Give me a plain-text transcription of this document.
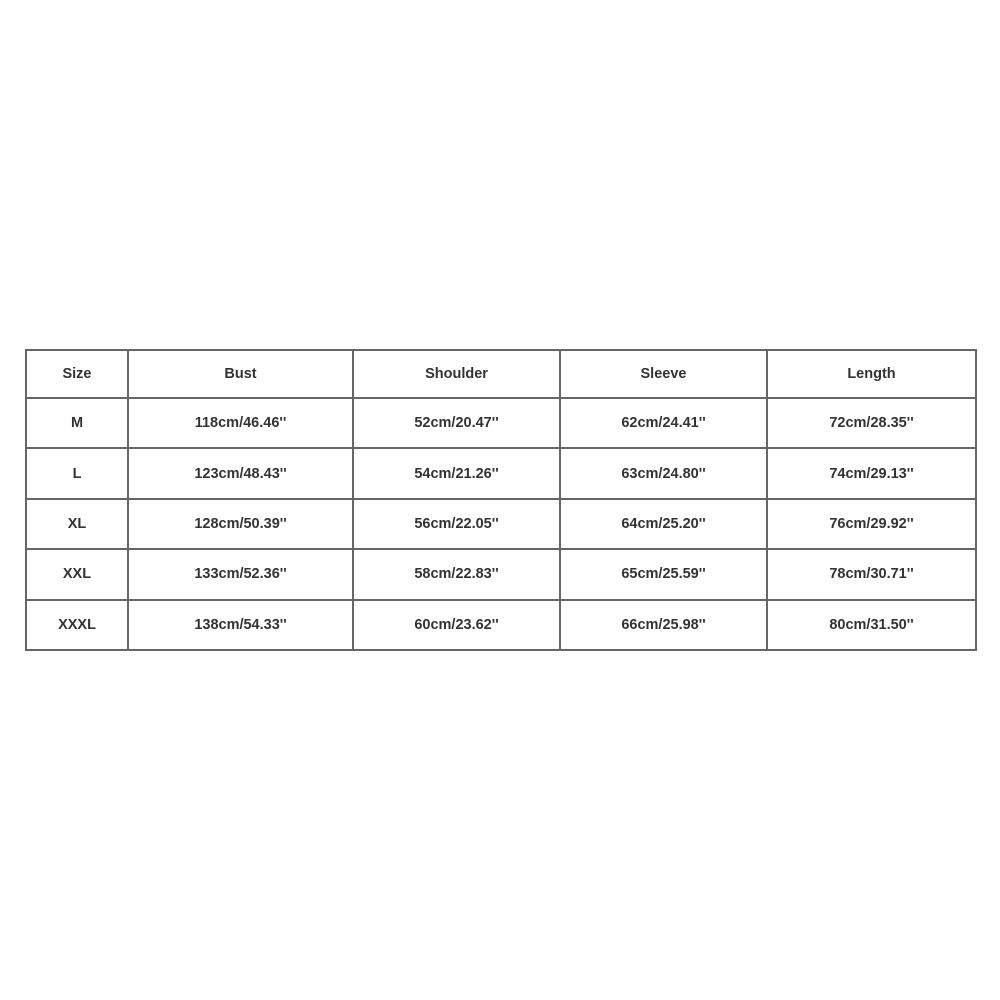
Size	Bust	Shoulder	Sleeve	Length
M	118cm/46.46''	52cm/20.47''	62cm/24.41''	72cm/28.35''
L	123cm/48.43''	54cm/21.26''	63cm/24.80''	74cm/29.13''
XL	128cm/50.39''	56cm/22.05''	64cm/25.20''	76cm/29.92''
XXL	133cm/52.36''	58cm/22.83''	65cm/25.59''	78cm/30.71''
XXXL	138cm/54.33''	60cm/23.62''	66cm/25.98''	80cm/31.50''
